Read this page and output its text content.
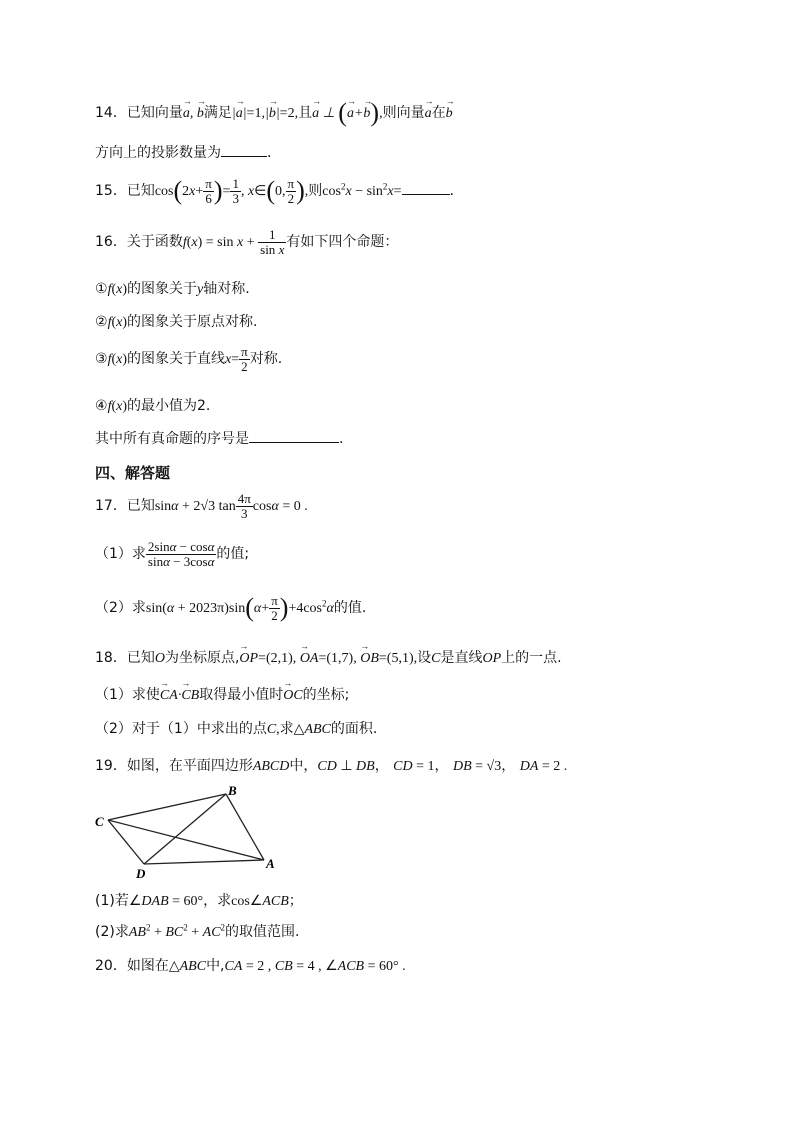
14．已知向量→ a, → b满足|→ a|=1,|→ b|=2,且→ a ⊥ (→ a+→ b),则向量→ a在→ b
方向上的投影数量为	.
15．已知$\cos(2x+ \frac{\pi}{6}$ )= $\frac{1}{3}$ , x∈(0, $\frac{\pi}{2}$ ),则$\cos^2x - \sin^2x=$	.
16．关于函数$f(x) = \sin x + \frac{1}{\text{sin x}}$ 有如下四个命题：
①f(x)的图象关于y轴对称.
②f(x)的图象关于原点对称.
③f(x)的图象关于直线$x= \frac{\pi}{2}$ 对称.
④f(x)的最小值为2.
其中所有真命题的序号是	.
四、解答题
17．已知sinα + 2√3 $\tan \frac{4\pi}{3}$ cosα = 0 .
（1）求 $\frac{2\sin\alpha - \cos\alpha}{\sin\alpha - 3\cos\alpha}$ 的值;
（2）求$\sin(\alpha + 2023\pi)\sin(\alpha+ \frac{\pi}{2} )+4\cos^2\alpha$的值.
18．已知O为坐标原点,→ OP=(2,1), → OA=(1,7), → OB=(5,1),设C是直线OP上的一点.
（1）求使→ CA·→ CB取得最小值时→ OC的坐标;
（2）对于（1）中求出的点C,求△ABC的面积.
19．如图，在平面四边形ABCD中，CD ⊥ DB， CD = 1， DB = √3， DA = 2 .
C
B
A
D
(1)若∠DAB = 60°，求cos∠ACB；
(2)求$AB^2 + BC^2 + AC^2$的取值范围.
20．如图在△ABC中,CA = 2 , CB = 4 , ∠ACB = 60° .
